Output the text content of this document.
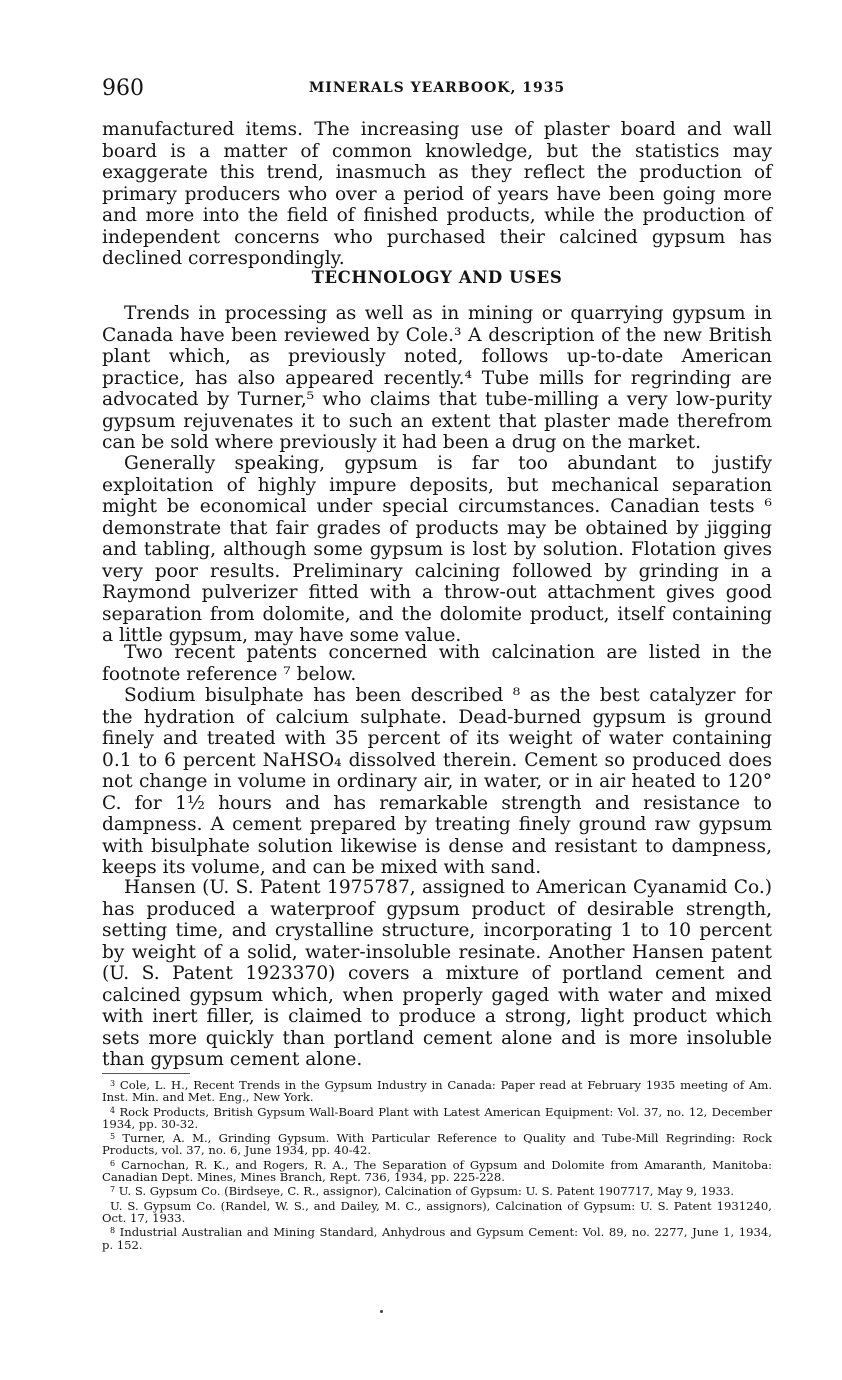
960	MINERALS YEARBOOK, 1935

manufactured items. The increasing use of plaster board and wall board is a matter of common knowledge, but the statistics may exaggerate this trend, inasmuch as they reflect the production of primary producers who over a period of years have been going more and more into the field of finished products, while the production of independent concerns who purchased their calcined gypsum has declined correspondingly.

TECHNOLOGY AND USES

Trends in processing as well as in mining or quarrying gypsum in Canada have been reviewed by Cole.³ A description of the new British plant which, as previously noted, follows up-to-date American practice, has also appeared recently.⁴ Tube mills for regrinding are advocated by Turner,⁵ who claims that tube-milling a very low-purity gypsum rejuvenates it to such an extent that plaster made therefrom can be sold where previously it had been a drug on the market.

Generally speaking, gypsum is far too abundant to justify exploitation of highly impure deposits, but mechanical separation might be economical under special circumstances. Canadian tests ⁶ demonstrate that fair grades of products may be obtained by jigging and tabling, although some gypsum is lost by solution. Flotation gives very poor results. Preliminary calcining followed by grinding in a Raymond pulverizer fitted with a throw-out attachment gives good separation from dolomite, and the dolomite product, itself containing a little gypsum, may have some value.

Two recent patents concerned with calcination are listed in the footnote reference ⁷ below.

Sodium bisulphate has been described ⁸ as the best catalyzer for the hydration of calcium sulphate. Dead-burned gypsum is ground finely and treated with 35 percent of its weight of water containing 0.1 to 6 percent NaHSO₄ dissolved therein. Cement so produced does not change in volume in ordinary air, in water, or in air heated to 120° C. for 1½ hours and has remarkable strength and resistance to dampness. A cement prepared by treating finely ground raw gypsum with bisulphate solution likewise is dense and resistant to dampness, keeps its volume, and can be mixed with sand.

Hansen (U. S. Patent 1975787, assigned to American Cyanamid Co.) has produced a waterproof gypsum product of desirable strength, setting time, and crystalline structure, incorporating 1 to 10 percent by weight of a solid, water-insoluble resinate. Another Hansen patent (U. S. Patent 1923370) covers a mixture of portland cement and calcined gypsum which, when properly gaged with water and mixed with inert filler, is claimed to produce a strong, light product which sets more quickly than portland cement alone and is more insoluble than gypsum cement alone.

$^3$ Cole, L. H., Recent Trends in the Gypsum Industry in Canada: Paper read at February 1935 meeting of Am. Inst. Min. and Met. Eng., New York.

$^4$ Rock Products, British Gypsum Wall-Board Plant with Latest American Equipment: Vol. 37, no. 12, December 1934, pp. 30-32.

$^5$ Turner, A. M., Grinding Gypsum. With Particular Reference to Quality and Tube-Mill Regrinding: Rock Products, vol. 37, no. 6, June 1934, pp. 40-42.

$^6$ Carnochan, R. K., and Rogers, R. A., The Separation of Gypsum and Dolomite from Amaranth, Manitoba: Canadian Dept. Mines, Mines Branch, Rept. 736, 1934, pp. 225-228.

$^7$ U. S. Gypsum Co. (Birdseye, C. R., assignor), Calcination of Gypsum: U. S. Patent 1907717, May 9, 1933.

U. S. Gypsum Co. (Randel, W. S., and Dailey, M. C., assignors), Calcination of Gypsum: U. S. Patent 1931240, Oct. 17, 1933.

$^8$ Industrial Australian and Mining Standard, Anhydrous and Gypsum Cement: Vol. 89, no. 2277, June 1, 1934, p. 152.
